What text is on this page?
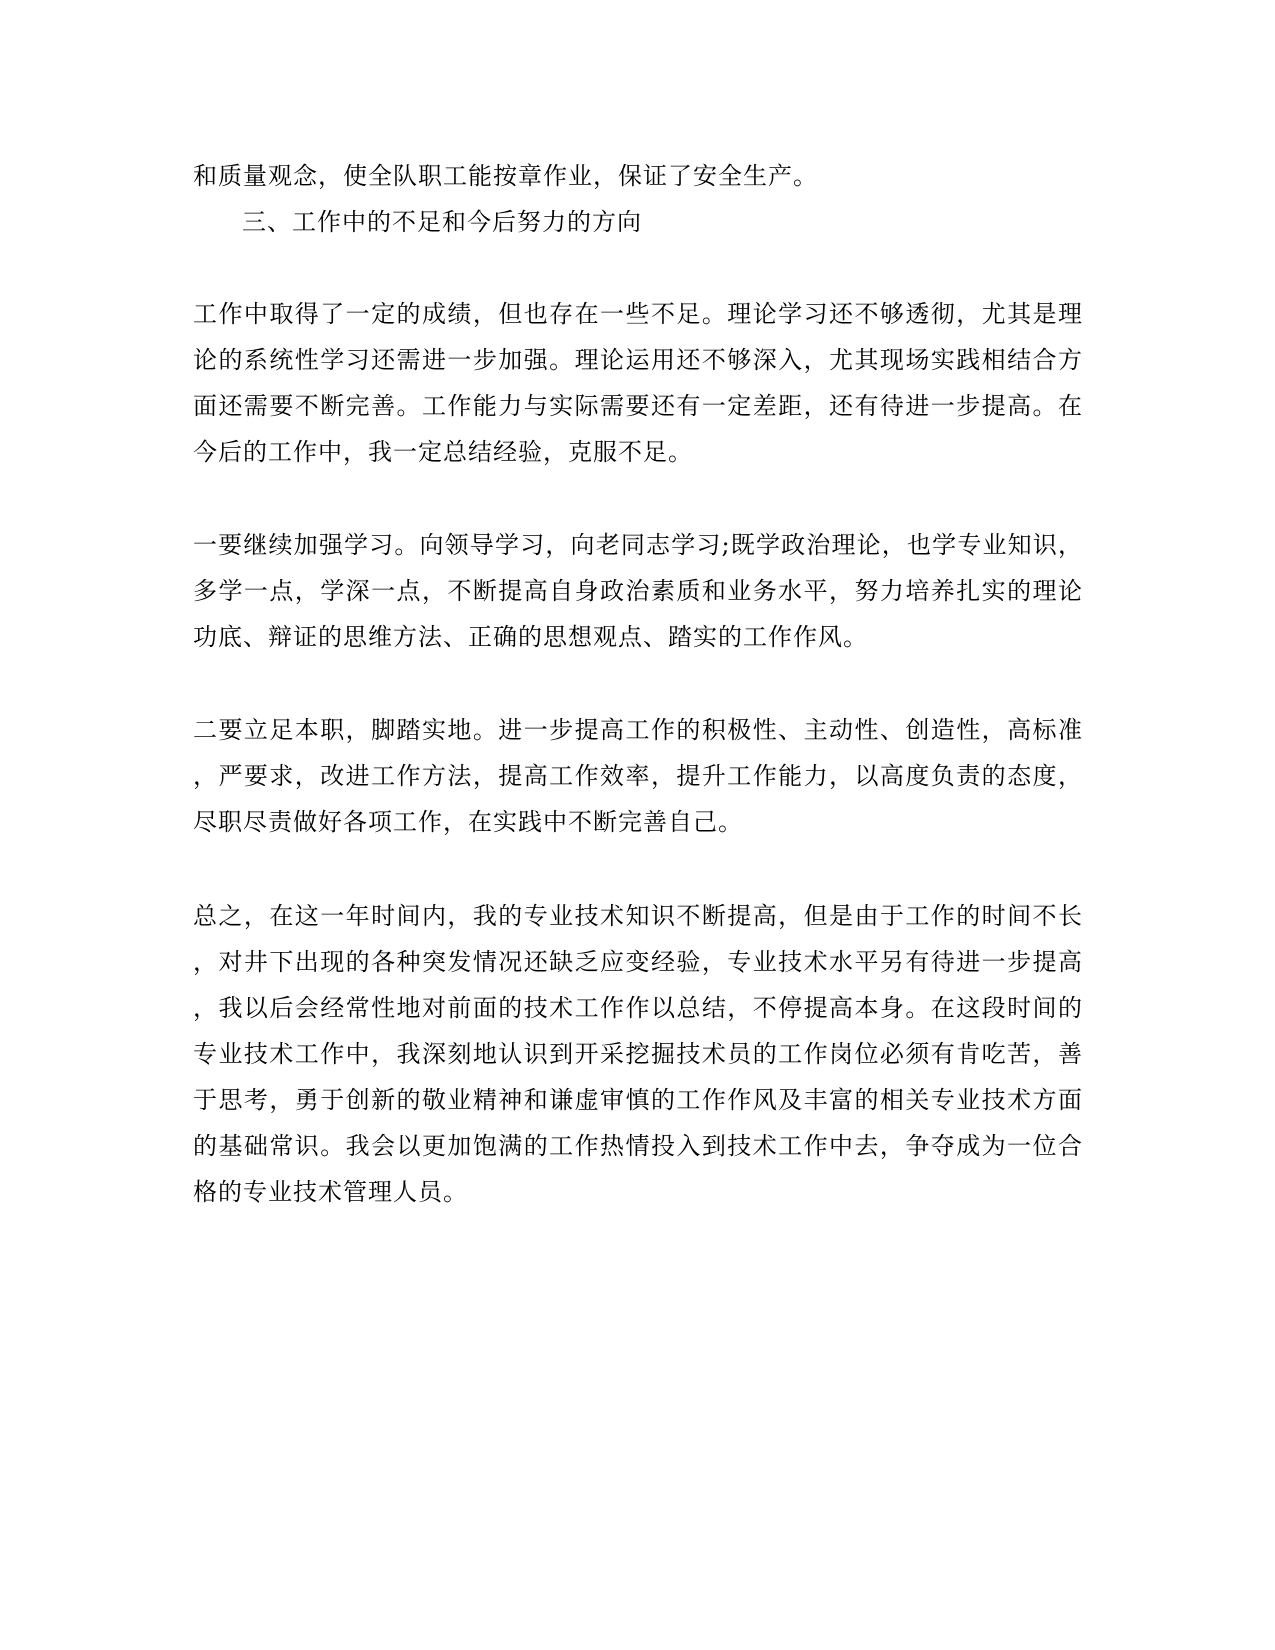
和质量观念，使全队职工能按章作业，保证了安全生产。
三、工作中的不足和今后努力的方向
工作中取得了一定的成绩，但也存在一些不足。理论学习还不够透彻，尤其是理
论的系统性学习还需进一步加强。理论运用还不够深入，尤其现场实践相结合方
面还需要不断完善。工作能力与实际需要还有一定差距，还有待进一步提高。在
今后的工作中，我一定总结经验，克服不足。
一要继续加强学习。向领导学习，向老同志学习;既学政治理论，也学专业知识，
多学一点，学深一点，不断提高自身政治素质和业务水平，努力培养扎实的理论
功底、辩证的思维方法、正确的思想观点、踏实的工作作风。
二要立足本职，脚踏实地。进一步提高工作的积极性、主动性、创造性，高标准
，严要求，改进工作方法，提高工作效率，提升工作能力，以高度负责的态度，
尽职尽责做好各项工作，在实践中不断完善自己。
总之，在这一年时间内，我的专业技术知识不断提高，但是由于工作的时间不长
，对井下出现的各种突发情况还缺乏应变经验，专业技术水平另有待进一步提高
，我以后会经常性地对前面的技术工作作以总结，不停提高本身。在这段时间的
专业技术工作中，我深刻地认识到开采挖掘技术员的工作岗位必须有肯吃苦，善
于思考，勇于创新的敬业精神和谦虚审慎的工作作风及丰富的相关专业技术方面
的基础常识。我会以更加饱满的工作热情投入到技术工作中去，争夺成为一位合
格的专业技术管理人员。
